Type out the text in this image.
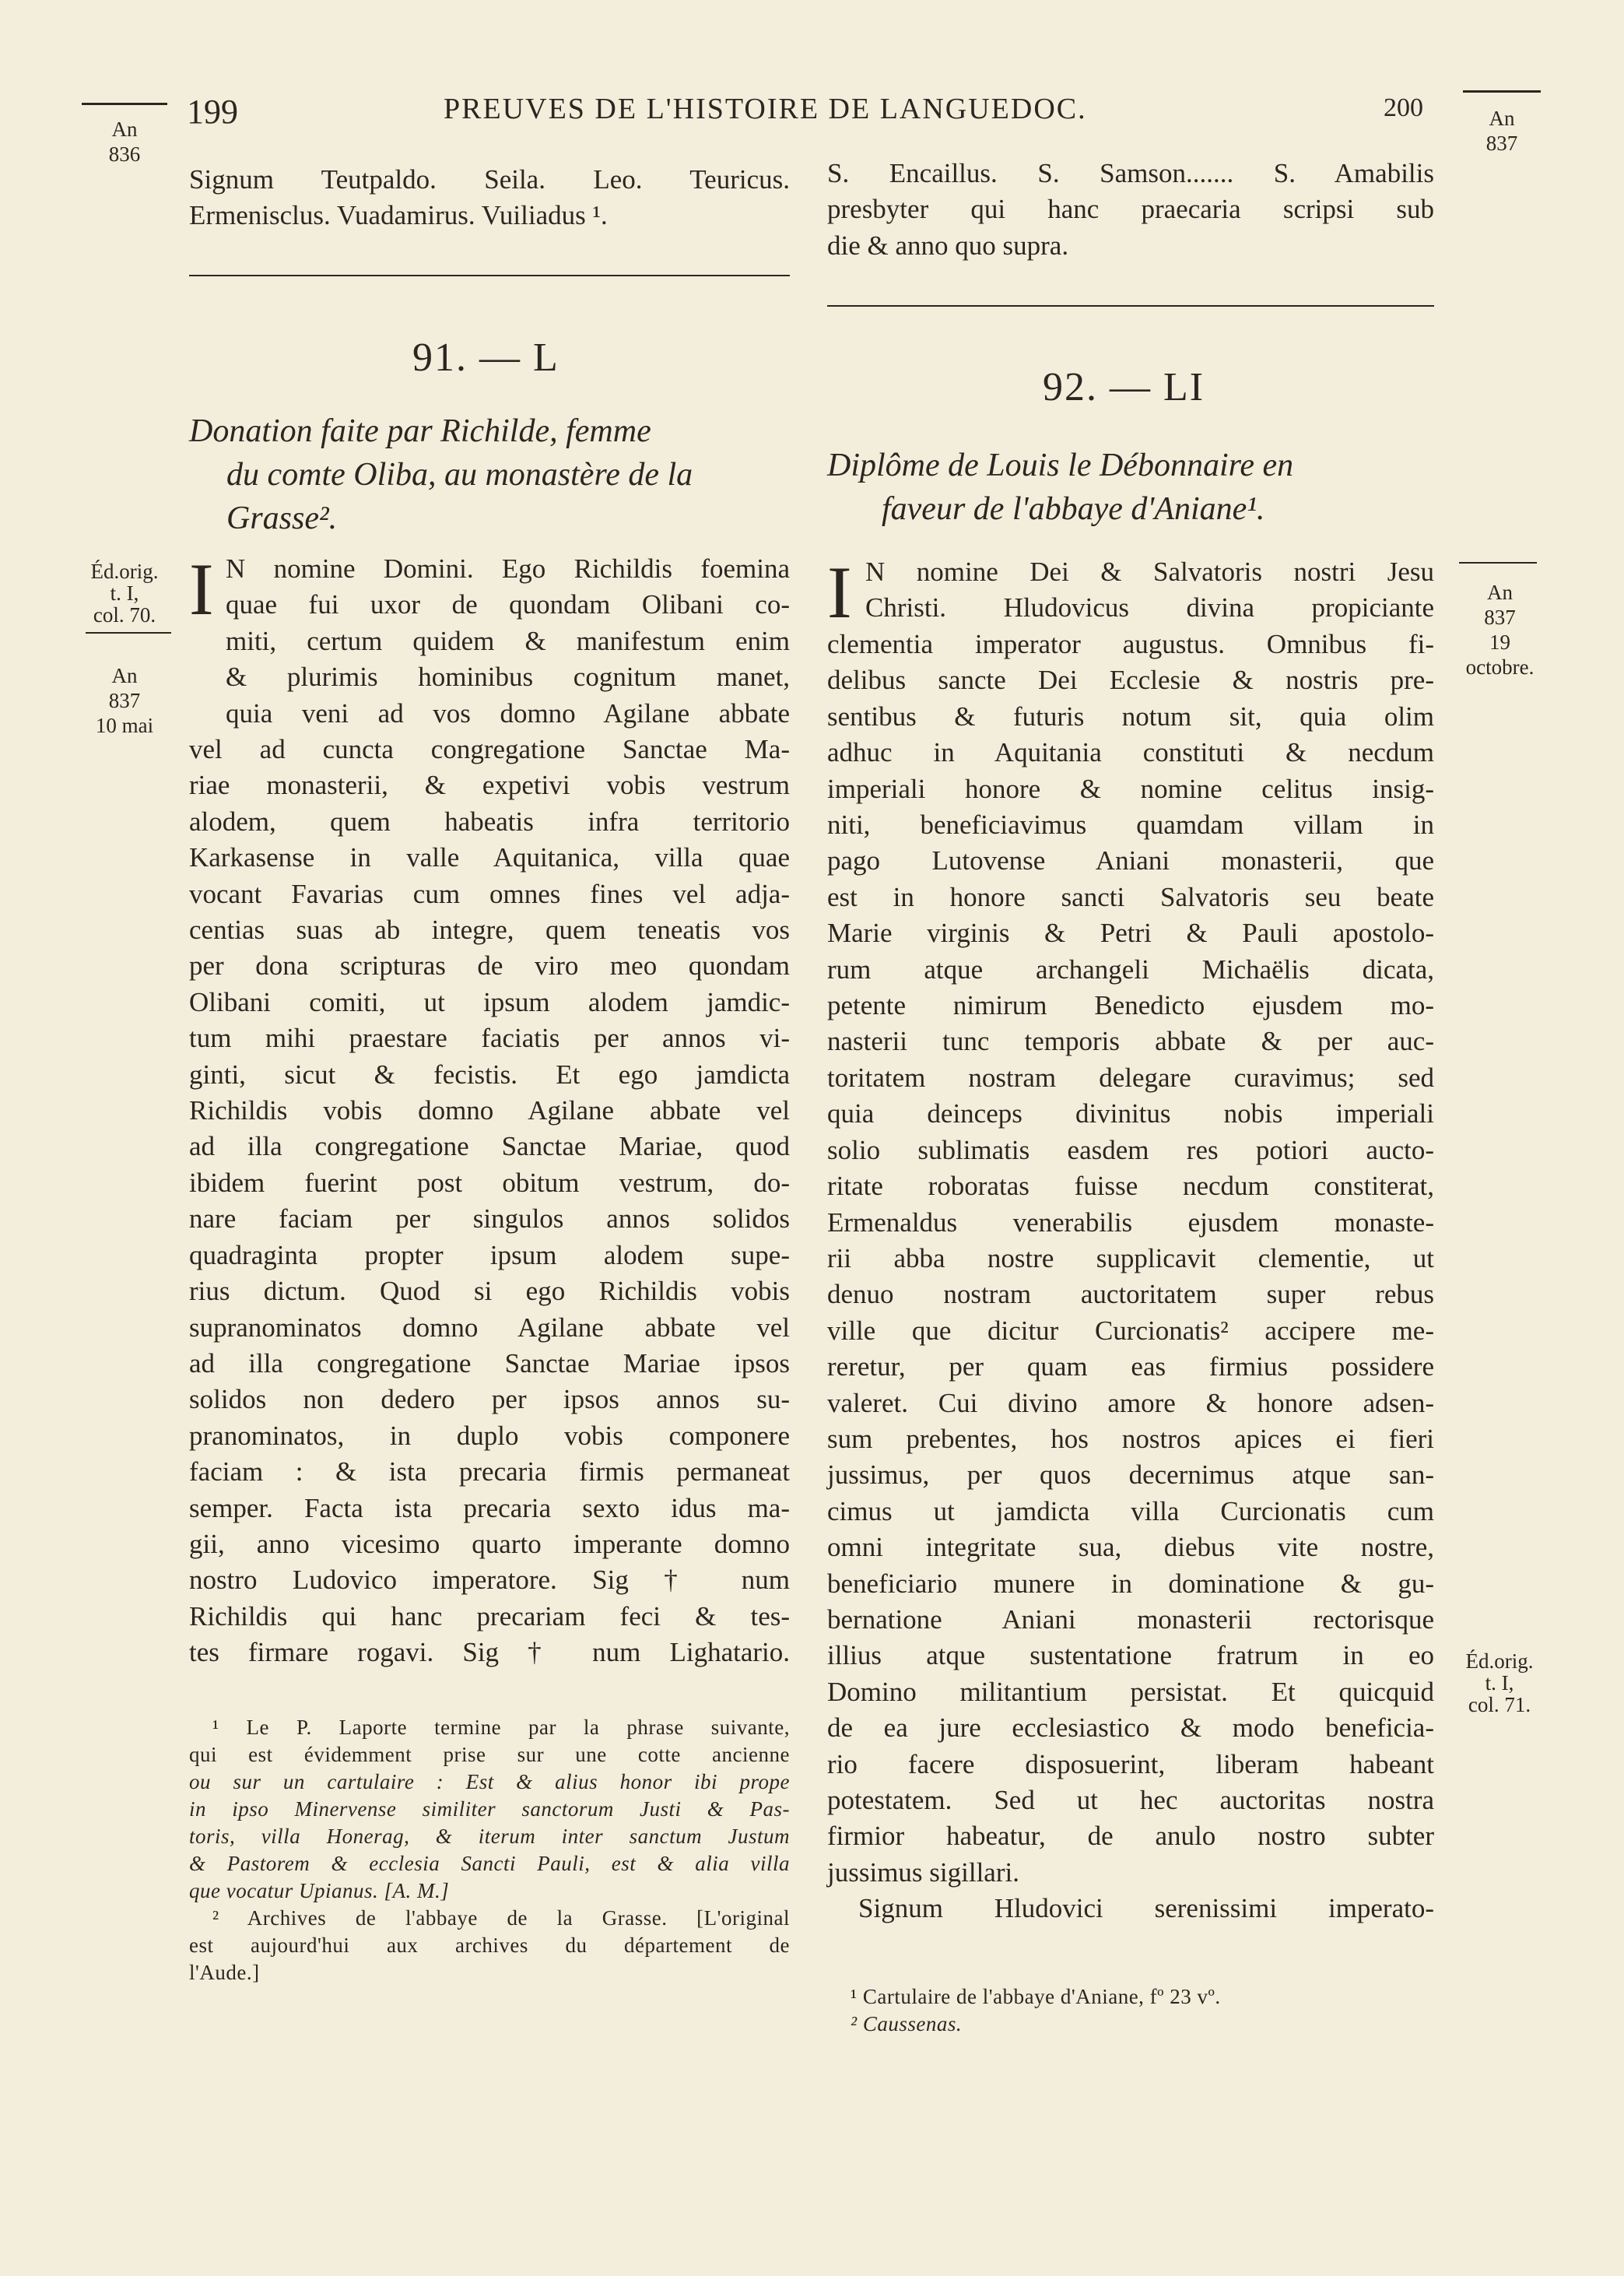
199	PREUVES DE L'HISTOIRE DE LANGUEDOC.	200
An
836
An
837
Éd.orig.
t. I,
col. 70.
An
837
10 mai
An
837
19
octobre.
Éd.orig.
t. I,
col. 71.
Signum Teutpaldo. Seila. Leo. Teuricus.
Ermenisclus. Vuadamirus. Vuiliadus ¹.
91. — L
Donation faite par Richilde, femme
du comte Oliba, au monastère de la
Grasse².
I N nomine Domini. Ego Richildis foemina
quae fui uxor de quondam Olibani co-
miti, certum quidem & manifestum enim
& plurimis hominibus cognitum manet,
quia veni ad vos domno Agilane abbate
vel ad cuncta congregatione Sanctae Ma-
riae monasterii, & expetivi vobis vestrum
alodem, quem habeatis infra territorio
Karkasense in valle Aquitanica, villa quae
vocant Favarias cum omnes fines vel adja-
centias suas ab integre, quem teneatis vos
per dona scripturas de viro meo quondam
Olibani comiti, ut ipsum alodem jamdic-
tum mihi praestare faciatis per annos vi-
ginti, sicut & fecistis. Et ego jamdicta
Richildis vobis domno Agilane abbate vel
ad illa congregatione Sanctae Mariae, quod
ibidem fuerint post obitum vestrum, do-
nare faciam per singulos annos solidos
quadraginta propter ipsum alodem supe-
rius dictum. Quod si ego Richildis vobis
supranominatos domno Agilane abbate vel
ad illa congregatione Sanctae Mariae ipsos
solidos non dedero per ipsos annos su-
pranominatos, in duplo vobis componere
faciam : & ista precaria firmis permaneat
semper. Facta ista precaria sexto idus ma-
gii, anno vicesimo quarto imperante domno
nostro Ludovico imperatore. Sig † num
Richildis qui hanc precariam feci & tes-
tes firmare rogavi. Sig † num Lighatario.
¹ Le P. Laporte termine par la phrase suivante,
qui est évidemment prise sur une cotte ancienne
ou sur un cartulaire : Est & alius honor ibi prope
in ipso Minervense similiter sanctorum Justi & Pas-
toris, villa Honerag, & iterum inter sanctum Justum
& Pastorem & ecclesia Sancti Pauli, est & alia villa
que vocatur Upianus. [A. M.]
² Archives de l'abbaye de la Grasse. [L'original
est aujourd'hui aux archives du département de
l'Aude.]
S. Encaillus. S. Samson....... S. Amabilis
presbyter qui hanc praecaria scripsi sub
die & anno quo supra.
92. — LI
Diplôme de Louis le Débonnaire en
faveur de l'abbaye d'Aniane¹.
I N nomine Dei & Salvatoris nostri Jesu
Christi. Hludovicus divina propiciante
clementia imperator augustus. Omnibus fi-
delibus sancte Dei Ecclesie & nostris pre-
sentibus & futuris notum sit, quia olim
adhuc in Aquitania constituti & necdum
imperiali honore & nomine celitus insig-
niti, beneficiavimus quamdam villam in
pago Lutovense Aniani monasterii, que
est in honore sancti Salvatoris seu beate
Marie virginis & Petri & Pauli apostolo-
rum atque archangeli Michaëlis dicata,
petente nimirum Benedicto ejusdem mo-
nasterii tunc temporis abbate & per auc-
toritatem nostram delegare curavimus; sed
quia deinceps divinitus nobis imperiali
solio sublimatis easdem res potiori aucto-
ritate roboratas fuisse necdum constiterat,
Ermenaldus venerabilis ejusdem monaste-
rii abba nostre supplicavit clementie, ut
denuo nostram auctoritatem super rebus
ville que dicitur Curcionatis² accipere me-
reretur, per quam eas firmius possidere
valeret. Cui divino amore & honore adsen-
sum prebentes, hos nostros apices ei fieri
jussimus, per quos decernimus atque san-
cimus ut jamdicta villa Curcionatis cum
omni integritate sua, diebus vite nostre,
beneficiario munere in dominatione & gu-
bernatione Aniani monasterii rectorisque
illius atque sustentatione fratrum in eo
Domino militantium persistat. Et quicquid
de ea jure ecclesiastico & modo beneficia-
rio facere disposuerint, liberam habeant
potestatem. Sed ut hec auctoritas nostra
firmior habeatur, de anulo nostro subter
jussimus sigillari.
Signum Hludovici serenissimi imperato-
¹ Cartulaire de l'abbaye d'Aniane, fº 23 vº.
² Caussenas.
